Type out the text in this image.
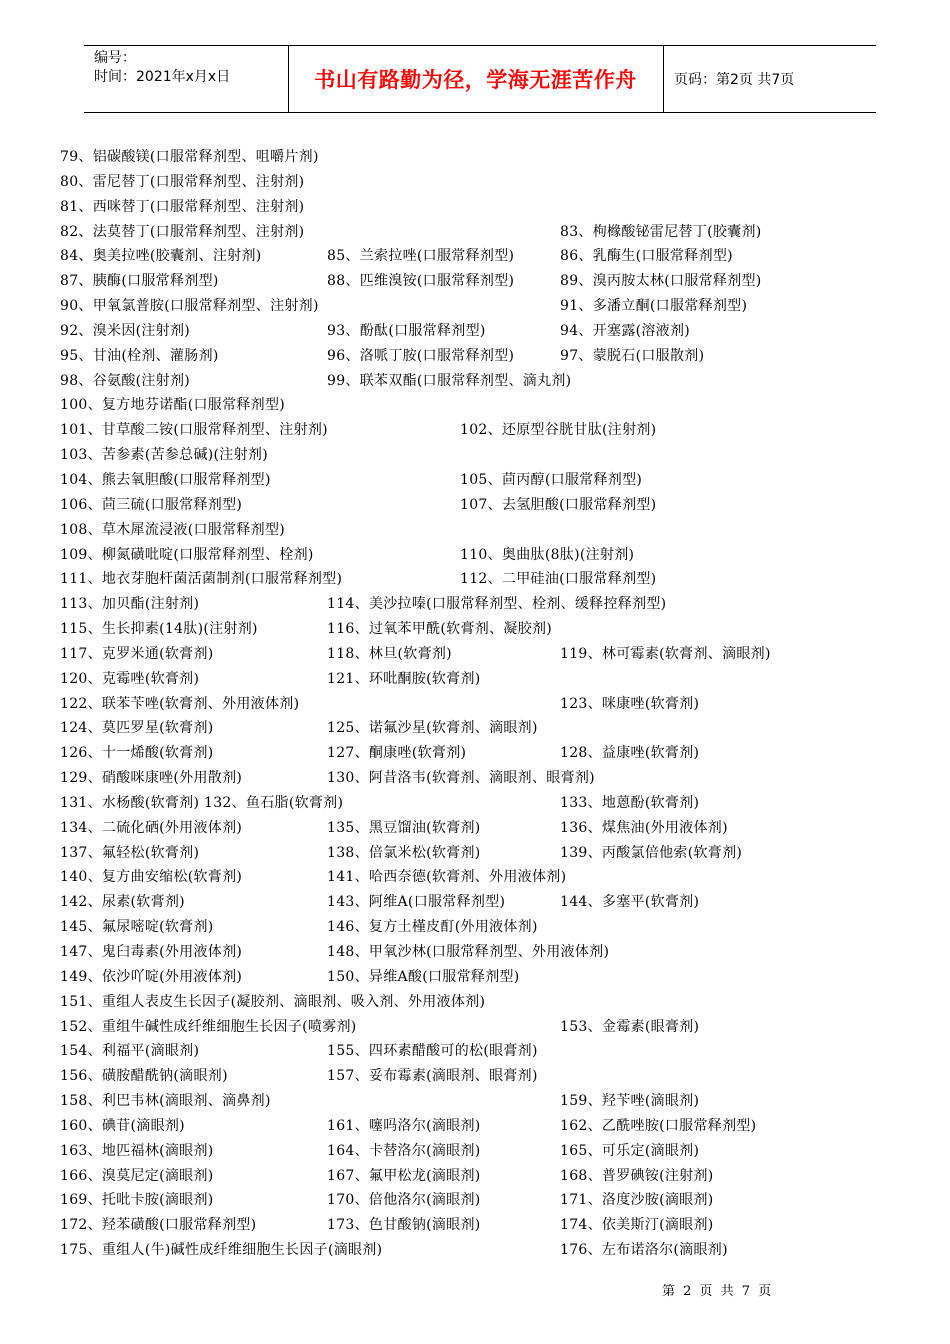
编号：
时间：2021年x月x日	书山有路勤为径，学海无涯苦作舟	页码：第2页 共7页
79、铝碳酸镁(口服常释剂型、咀嚼片剂)
80、雷尼替丁(口服常释剂型、注射剂)
81、西咪替丁(口服常释剂型、注射剂)
82、法莫替丁(口服常释剂型、注射剂)	83、枸橼酸铋雷尼替丁(胶囊剂)
84、奥美拉唑(胶囊剂、注射剂)	85、兰索拉唑(口服常释剂型)	86、乳酶生(口服常释剂型)
87、胰酶(口服常释剂型)	88、匹维溴铵(口服常释剂型)	89、溴丙胺太林(口服常释剂型)
90、甲氧氯普胺(口服常释剂型、注射剂)	91、多潘立酮(口服常释剂型)
92、溴米因(注射剂)	93、酚酞(口服常释剂型)	94、开塞露(溶液剂)
95、甘油(栓剂、灌肠剂)	96、洛哌丁胺(口服常释剂型)	97、蒙脱石(口服散剂)
98、谷氨酸(注射剂)	99、联苯双酯(口服常释剂型、滴丸剂)
100、复方地芬诺酯(口服常释剂型)
101、甘草酸二铵(口服常释剂型、注射剂)	102、还原型谷胱甘肽(注射剂)
103、苦参素(苦参总碱)(注射剂)
104、熊去氧胆酸(口服常释剂型)	105、茴丙醇(口服常释剂型)
106、茴三硫(口服常释剂型)	107、去氢胆酸(口服常释剂型)
108、草木犀流浸液(口服常释剂型)
109、柳氮磺吡啶(口服常释剂型、栓剂)	110、奥曲肽(8肽)(注射剂)
111、地衣芽胞杆菌活菌制剂(口服常释剂型)	112、二甲硅油(口服常释剂型)
113、加贝酯(注射剂)	114、美沙拉嗪(口服常释剂型、栓剂、缓释控释剂型)
115、生长抑素(14肽)(注射剂)	116、过氧苯甲酰(软膏剂、凝胶剂)
117、克罗米通(软膏剂)	118、林旦(软膏剂)	119、林可霉素(软膏剂、滴眼剂)
120、克霉唑(软膏剂)	121、环吡酮胺(软膏剂)
122、联苯苄唑(软膏剂、外用液体剂)	123、咪康唑(软膏剂)
124、莫匹罗星(软膏剂)	125、诺氟沙星(软膏剂、滴眼剂)
126、十一烯酸(软膏剂)	127、酮康唑(软膏剂)	128、益康唑(软膏剂)
129、硝酸咪康唑(外用散剂)	130、阿昔洛韦(软膏剂、滴眼剂、眼膏剂)
131、水杨酸(软膏剂) 132、鱼石脂(软膏剂)	133、地蒽酚(软膏剂)
134、二硫化硒(外用液体剂)	135、黑豆馏油(软膏剂)	136、煤焦油(外用液体剂)
137、氟轻松(软膏剂)	138、倍氯米松(软膏剂)	139、丙酸氯倍他索(软膏剂)
140、复方曲安缩松(软膏剂)	141、哈西奈德(软膏剂、外用液体剂)
142、尿素(软膏剂)	143、阿维A(口服常释剂型)	144、多塞平(软膏剂)
145、氟尿嘧啶(软膏剂)	146、复方土槿皮酊(外用液体剂)
147、鬼臼毒素(外用液体剂)	148、甲氧沙林(口服常释剂型、外用液体剂)
149、依沙吖啶(外用液体剂)	150、异维A酸(口服常释剂型)
151、重组人表皮生长因子(凝胶剂、滴眼剂、吸入剂、外用液体剂)
152、重组牛碱性成纤维细胞生长因子(喷雾剂)	153、金霉素(眼膏剂)
154、利福平(滴眼剂)	155、四环素醋酸可的松(眼膏剂)
156、磺胺醋酰钠(滴眼剂)	157、妥布霉素(滴眼剂、眼膏剂)
158、利巴韦林(滴眼剂、滴鼻剂)	159、羟苄唑(滴眼剂)
160、碘苷(滴眼剂)	161、噻吗洛尔(滴眼剂)	162、乙酰唑胺(口服常释剂型)
163、地匹福林(滴眼剂)	164、卡替洛尔(滴眼剂)	165、可乐定(滴眼剂)
166、溴莫尼定(滴眼剂)	167、氟甲松龙(滴眼剂)	168、普罗碘铵(注射剂)
169、托吡卡胺(滴眼剂)	170、倍他洛尔(滴眼剂)	171、洛度沙胺(滴眼剂)
172、羟苯磺酸(口服常释剂型)	173、色甘酸钠(滴眼剂)	174、依美斯汀(滴眼剂)
175、重组人(牛)碱性成纤维细胞生长因子(滴眼剂)	176、左布诺洛尔(滴眼剂)
第 2 页 共 7 页
